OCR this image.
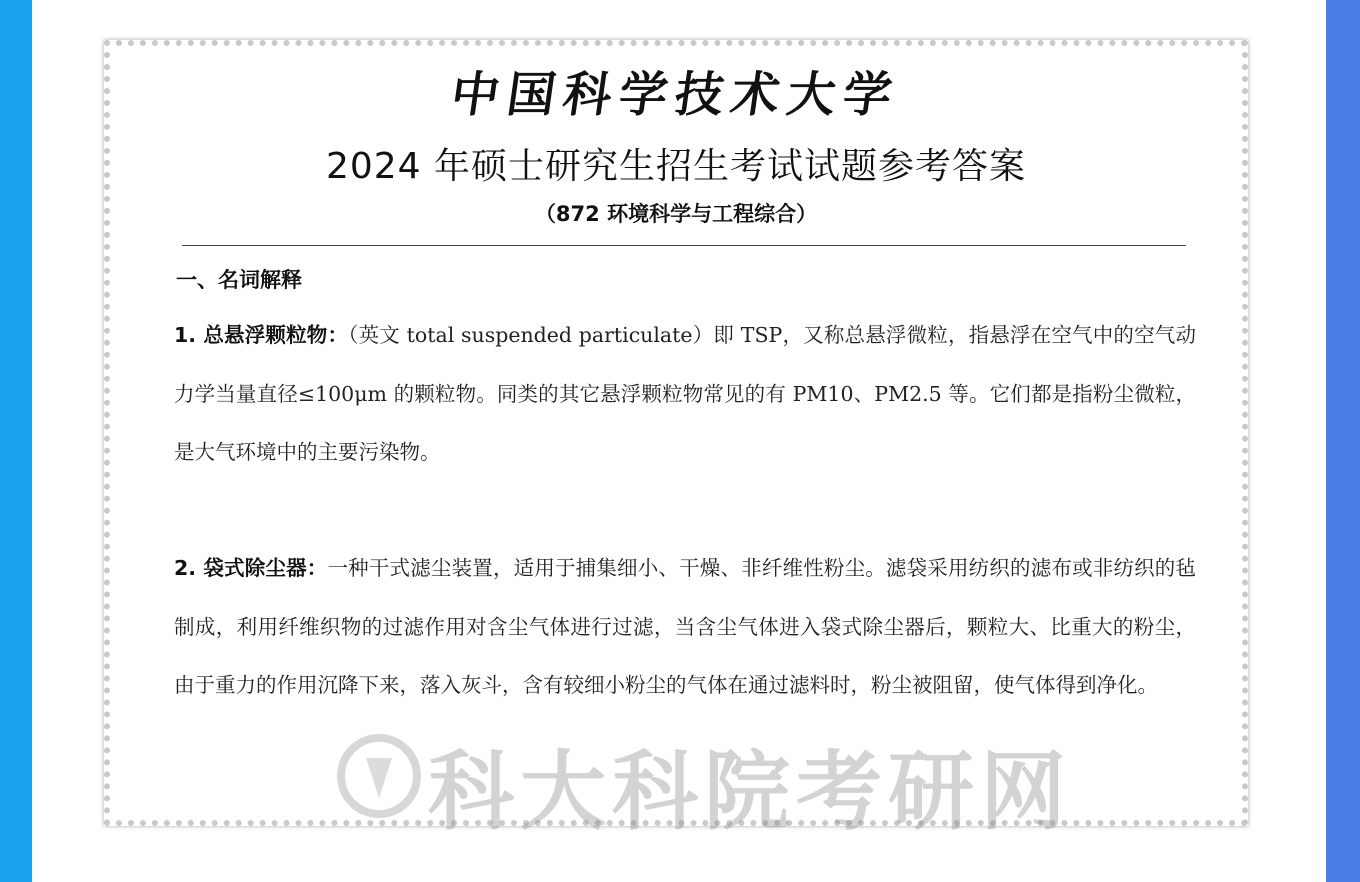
中国科学技术大学
2024 年硕士研究生招生考试试题参考答案
（872 环境科学与工程综合）
一、名词解释
1. 总悬浮颗粒物：（英文 total suspended particulate）即 TSP，又称总悬浮微粒，指悬浮在空气中的空气动力学当量直径≤100μm 的颗粒物。同类的其它悬浮颗粒物常见的有 PM10、PM2.5 等。它们都是指粉尘微粒，是大气环境中的主要污染物。
2. 袋式除尘器：一种干式滤尘装置，适用于捕集细小、干燥、非纤维性粉尘。滤袋采用纺织的滤布或非纺织的毡制成，利用纤维织物的过滤作用对含尘气体进行过滤，当含尘气体进入袋式除尘器后，颗粒大、比重大的粉尘，由于重力的作用沉降下来，落入灰斗，含有较细小粉尘的气体在通过滤料时，粉尘被阻留，使气体得到净化。
科大科院考研网
